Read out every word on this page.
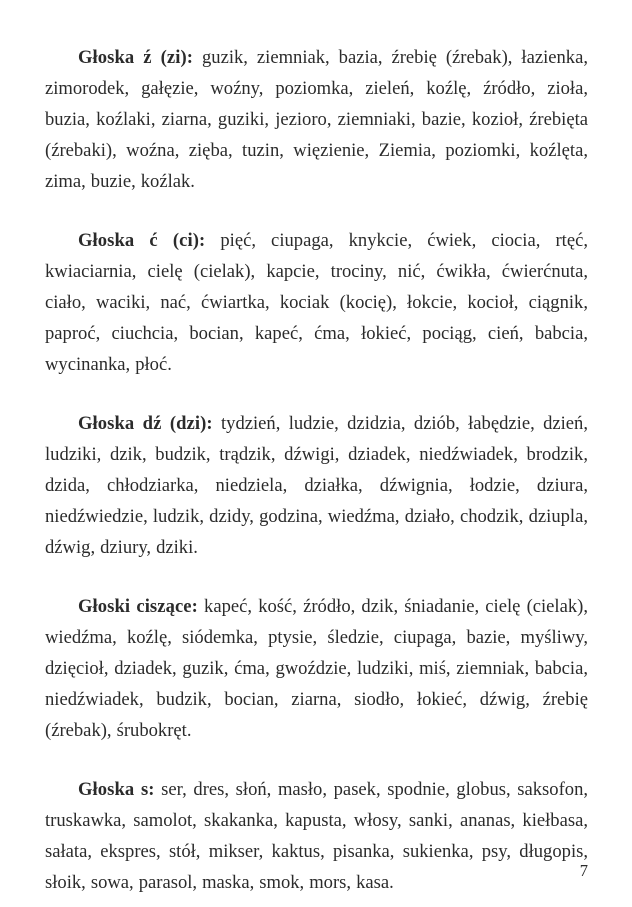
Głoska ź (zi): guzik, ziemniak, bazia, źrebię (źrebak), łazienka, zimorodek, gałęzie, woźny, poziomka, zieleń, koźlę, źródło, zioła, buzia, koźlaki, ziarna, guziki, jezioro, ziemniaki, bazie, kozioł, źrebięta (źrebaki), woźna, zięba, tuzin, więzienie, Ziemia, poziomki, koźlęta, zima, buzie, koźlak.

Głoska ć (ci): pięć, ciupaga, knykcie, ćwiek, ciocia, rtęć, kwiaciarnia, cielę (cielak), kapcie, trociny, nić, ćwikła, ćwierćnuta, ciało, waciki, nać, ćwiartka, kociak (kocię), łokcie, kocioł, ciągnik, paproć, ciuchcia, bocian, kapeć, ćma, łokieć, pociąg, cień, babcia, wycinanka, płoć.

Głoska dź (dzi): tydzień, ludzie, dzidzia, dziób, łabędzie, dzień, ludziki, dzik, budzik, trądzik, dźwigi, dziadek, niedźwiadek, brodzik, dzida, chłodziarka, niedziela, działka, dźwignia, łodzie, dziura, niedźwiedzie, ludzik, dzidy, godzina, wiedźma, działo, chodzik, dziupla, dźwig, dziury, dziki.

Głoski ciszące: kapeć, kość, źródło, dzik, śniadanie, cielę (cielak), wiedźma, koźlę, siódemka, ptysie, śledzie, ciupaga, bazie, myśliwy, dzięcioł, dziadek, guzik, ćma, gwoździe, ludziki, miś, ziemniak, babcia, niedźwiadek, budzik, bocian, ziarna, siodło, łokieć, dźwig, źrebię (źrebak), śrubokręt.

Głoska s: ser, dres, słoń, masło, pasek, spodnie, globus, saksofon, truskawka, samolot, skakanka, kapusta, włosy, sanki, ananas, kiełbasa, sałata, ekspres, stół, mikser, kaktus, pisanka, sukienka, psy, długopis, słoik, sowa, parasol, maska, smok, mors, kasa.

7
